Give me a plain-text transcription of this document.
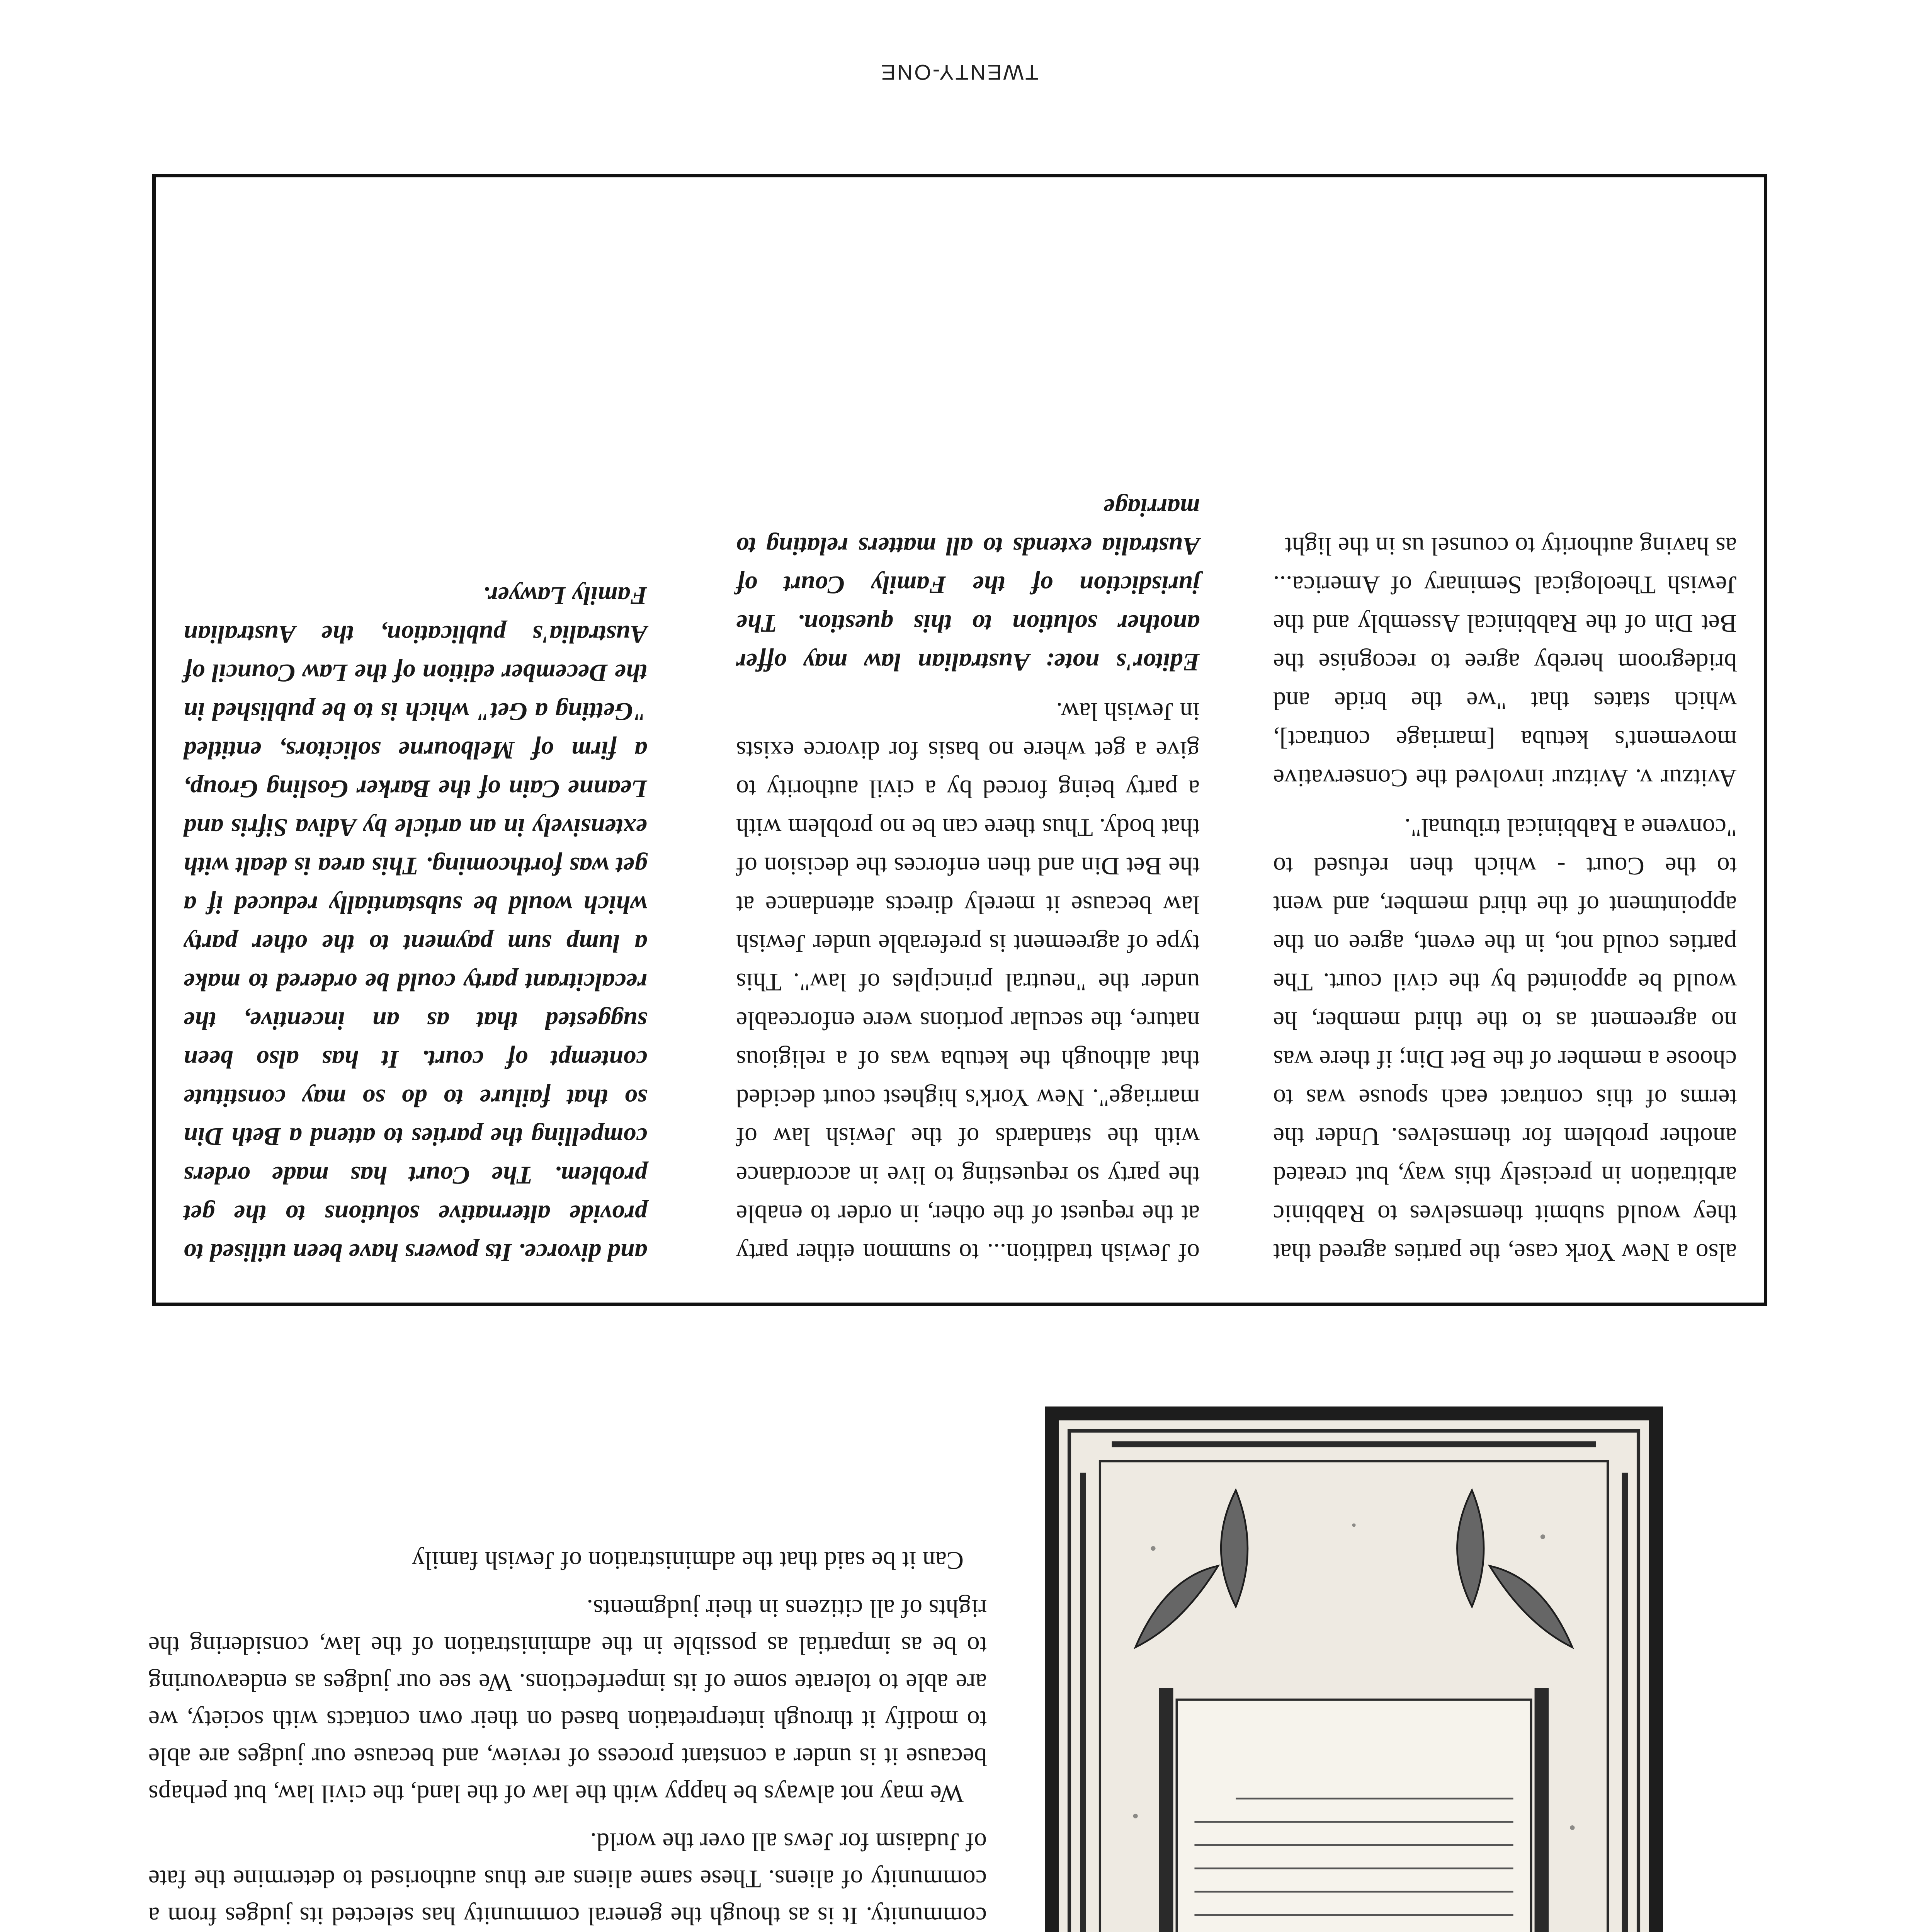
community. It is as though the general community has selected its judges from a community of aliens. These same aliens are thus authorised to determine the fate of Judaism for Jews all over the world.

We may not always be happy with the law of the land, the civil law, but perhaps because it is under a constant process of review, and because our judges are able to modify it through interpretation based on their own contacts with society, we are able to tolerate some of its imperfections. We see our judges as endeavouring to be as impartial as possible in the administration of the law, considering the rights of all citizens in their judgments.

Can it be said that the administration of Jewish family

also a New York case, the parties agreed that they would submit themselves to Rabbinic arbitration in precisely this way, but created another problem for themselves. Under the terms of this contract each spouse was to choose a member of the Bet Din; if there was no agreement as to the third member, he would be appointed by the civil court. The parties could not, in the event, agree on the appointment of the third member, and went to the Court - which then refused to "convene a Rabbinical tribunal".

Avitzur v. Avitzur involved the Conservative movement's ketuba [marriage contract], which states that "we the bride and bridegroom hereby agree to recognise the Bet Din of the Rabbinical Assembly and the Jewish Theological Seminary of America... as having authority to counsel us in the light

of Jewish tradition... to summon either party at the request of the other, in order to enable the party so requesting to live in accordance with the standards of the Jewish law of marriage". New York's highest court decided that although the ketuba was of a religious nature, the secular portions were enforceable under the "neutral principles of law". This type of agreement is preferable under Jewish law because it merely directs attendance at the Bet Din and then enforces the decision of that body. Thus there can be no problem with a party being forced by a civil authority to give a get where no basis for divorce exists in Jewish law.

Editor's note: Australian law may offer another solution to this question. The jurisdiction of the Family Court of Australia extends to all matters relating to marriage

and divorce. Its powers have been utilised to provide alternative solutions to the get problem. The Court has made orders compelling the parties to attend a Beth Din so that failure to do so may constitute contempt of court. It has also been suggested that as an incentive, the recalcitrant party could be ordered to make a lump sum payment to the other party which would be substantially reduced if a get was forthcoming. This area is dealt with extensively in an article by Adiva Sifris and Leanne Cain of the Barker Gosling Group, a firm of Melbourne solicitors, entitled "Getting a Get" which is to be published in the December edition of the Law Council of Australia's publication, the Australian Family Lawyer.

TWENTY-ONE
